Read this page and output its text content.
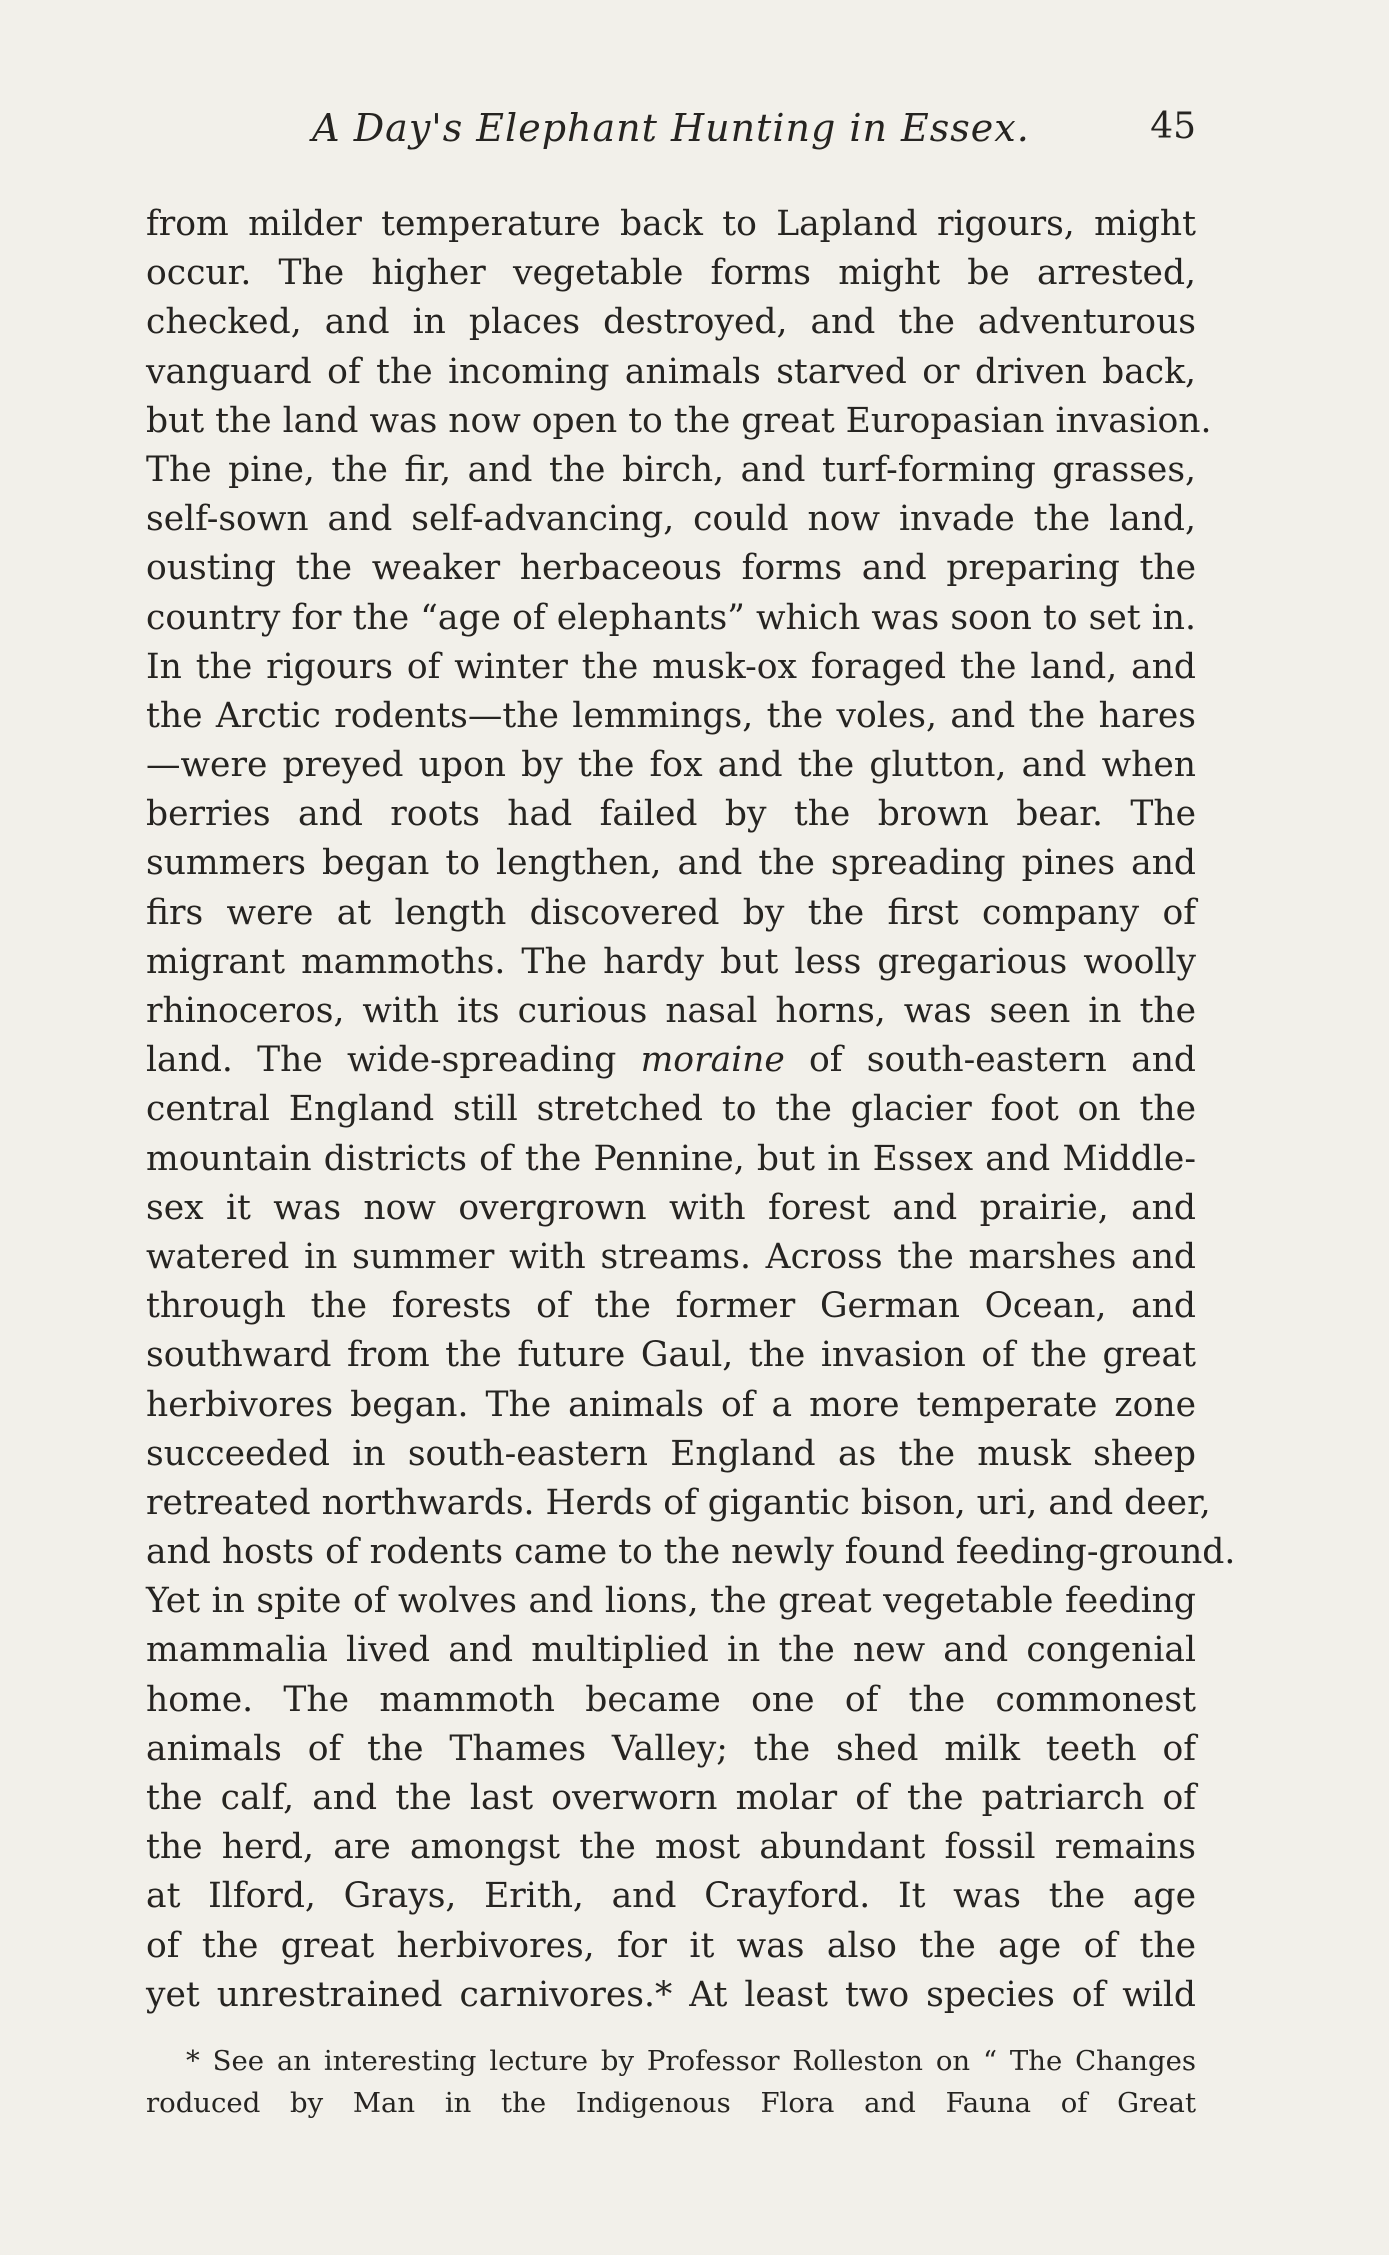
A Day's Elephant Hunting in Essex.	45
from milder temperature back to Lapland rigours, might
occur. The higher vegetable forms might be arrested,
checked, and in places destroyed, and the adventurous
vanguard of the incoming animals starved or driven back,
but the land was now open to the great Europasian invasion.
The pine, the fir, and the birch, and turf-forming grasses,
self-sown and self-advancing, could now invade the land,
ousting the weaker herbaceous forms and preparing the
country for the “age of elephants” which was soon to set in.
In the rigours of winter the musk-ox foraged the land, and
the Arctic rodents—the lemmings, the voles, and the hares
—were preyed upon by the fox and the glutton, and when
berries and roots had failed by the brown bear. The
summers began to lengthen, and the spreading pines and
firs were at length discovered by the first company of
migrant mammoths. The hardy but less gregarious woolly
rhinoceros, with its curious nasal horns, was seen in the
land. The wide-spreading moraine of south-eastern and
central England still stretched to the glacier foot on the
mountain districts of the Pennine, but in Essex and Middle-
sex it was now overgrown with forest and prairie, and
watered in summer with streams. Across the marshes and
through the forests of the former German Ocean, and
southward from the future Gaul, the invasion of the great
herbivores began. The animals of a more temperate zone
succeeded in south-eastern England as the musk sheep
retreated northwards. Herds of gigantic bison, uri, and deer,
and hosts of rodents came to the newly found feeding-ground.
Yet in spite of wolves and lions, the great vegetable feeding
mammalia lived and multiplied in the new and congenial
home. The mammoth became one of the commonest
animals of the Thames Valley; the shed milk teeth of
the calf, and the last overworn molar of the patriarch of
the herd, are amongst the most abundant fossil remains
at Ilford, Grays, Erith, and Crayford. It was the age
of the great herbivores, for it was also the age of the
yet unrestrained carnivores.* At least two species of wild
* See an interesting lecture by Professor Rolleston on “ The Changes
roduced by Man in the Indigenous Flora and Fauna of Great
